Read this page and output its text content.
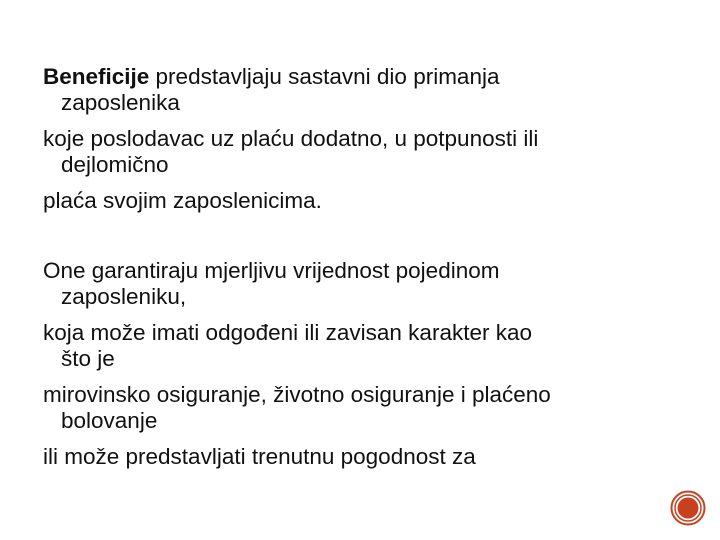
Beneficije predstavljaju sastavni dio primanja
zaposlenika

koje poslodavac uz plaću dodatno, u potpunosti ili
dejlomično

plaća svojim zaposlenicima.

One garantiraju mjerljivu vrijednost pojedinom
zaposleniku,

koja može imati odgođeni ili zavisan karakter kao
što je

mirovinsko osiguranje, životno osiguranje i plaćeno
bolovanje

ili može predstavljati trenutnu pogodnost za
